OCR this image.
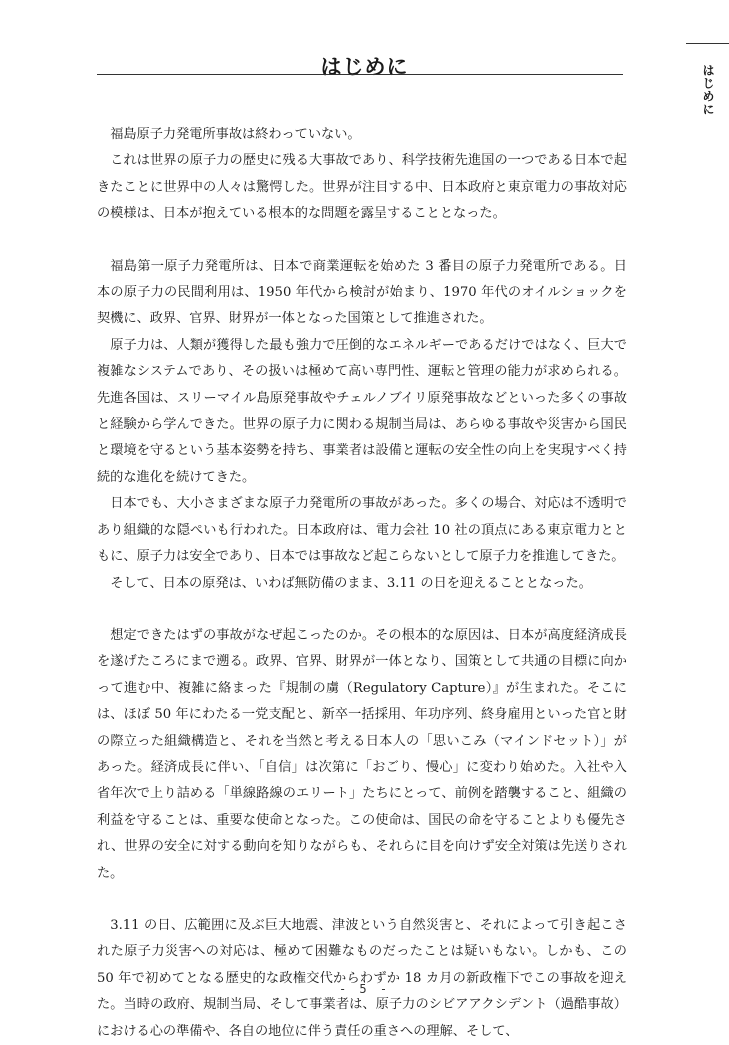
はじめに	はじめに

福島原子力発電所事故は終わっていない。

これは世界の原子力の歴史に残る大事故であり、科学技術先進国の一つである日本で起きたことに世界中の人々は驚愕した。世界が注目する中、日本政府と東京電力の事故対応の模様は、日本が抱えている根本的な問題を露呈することとなった。

福島第一原子力発電所は、日本で商業運転を始めた 3 番目の原子力発電所である。日本の原子力の民間利用は、1950 年代から検討が始まり、1970 年代のオイルショックを契機に、政界、官界、財界が一体となった国策として推進された。

原子力は、人類が獲得した最も強力で圧倒的なエネルギーであるだけではなく、巨大で複雑なシステムであり、その扱いは極めて高い専門性、運転と管理の能力が求められる。先進各国は、スリーマイル島原発事故やチェルノブイリ原発事故などといった多くの事故と経験から学んできた。世界の原子力に関わる規制当局は、あらゆる事故や災害から国民と環境を守るという基本姿勢を持ち、事業者は設備と運転の安全性の向上を実現すべく持続的な進化を続けてきた。

日本でも、大小さまざまな原子力発電所の事故があった。多くの場合、対応は不透明であり組織的な隠ぺいも行われた。日本政府は、電力会社 10 社の頂点にある東京電力とともに、原子力は安全であり、日本では事故など起こらないとして原子力を推進してきた。

そして、日本の原発は、いわば無防備のまま、3.11 の日を迎えることとなった。

想定できたはずの事故がなぜ起こったのか。その根本的な原因は、日本が高度経済成長を遂げたころにまで遡る。政界、官界、財界が一体となり、国策として共通の目標に向かって進む中、複雑に絡まった『規制の虜（Regulatory Capture）』が生まれた。そこには、ほぼ 50 年にわたる一党支配と、新卒一括採用、年功序列、終身雇用といった官と財の際立った組織構造と、それを当然と考える日本人の「思いこみ（マインドセット）」があった。経済成長に伴い、「自信」は次第に「おごり、慢心」に変わり始めた。入社や入省年次で上り詰める「単線路線のエリート」たちにとって、前例を踏襲すること、組織の利益を守ることは、重要な使命となった。この使命は、国民の命を守ることよりも優先され、世界の安全に対する動向を知りながらも、それらに目を向けず安全対策は先送りされた。

3.11 の日、広範囲に及ぶ巨大地震、津波という自然災害と、それによって引き起こされた原子力災害への対応は、極めて困難なものだったことは疑いもない。しかも、この 50 年で初めてとなる歴史的な政権交代からわずか 18 カ月の新政権下でこの事故を迎えた。当時の政府、規制当局、そして事業者は、原子力のシビアアクシデント（過酷事故）における心の準備や、各自の地位に伴う責任の重さへの理解、そして、

- 5 -
